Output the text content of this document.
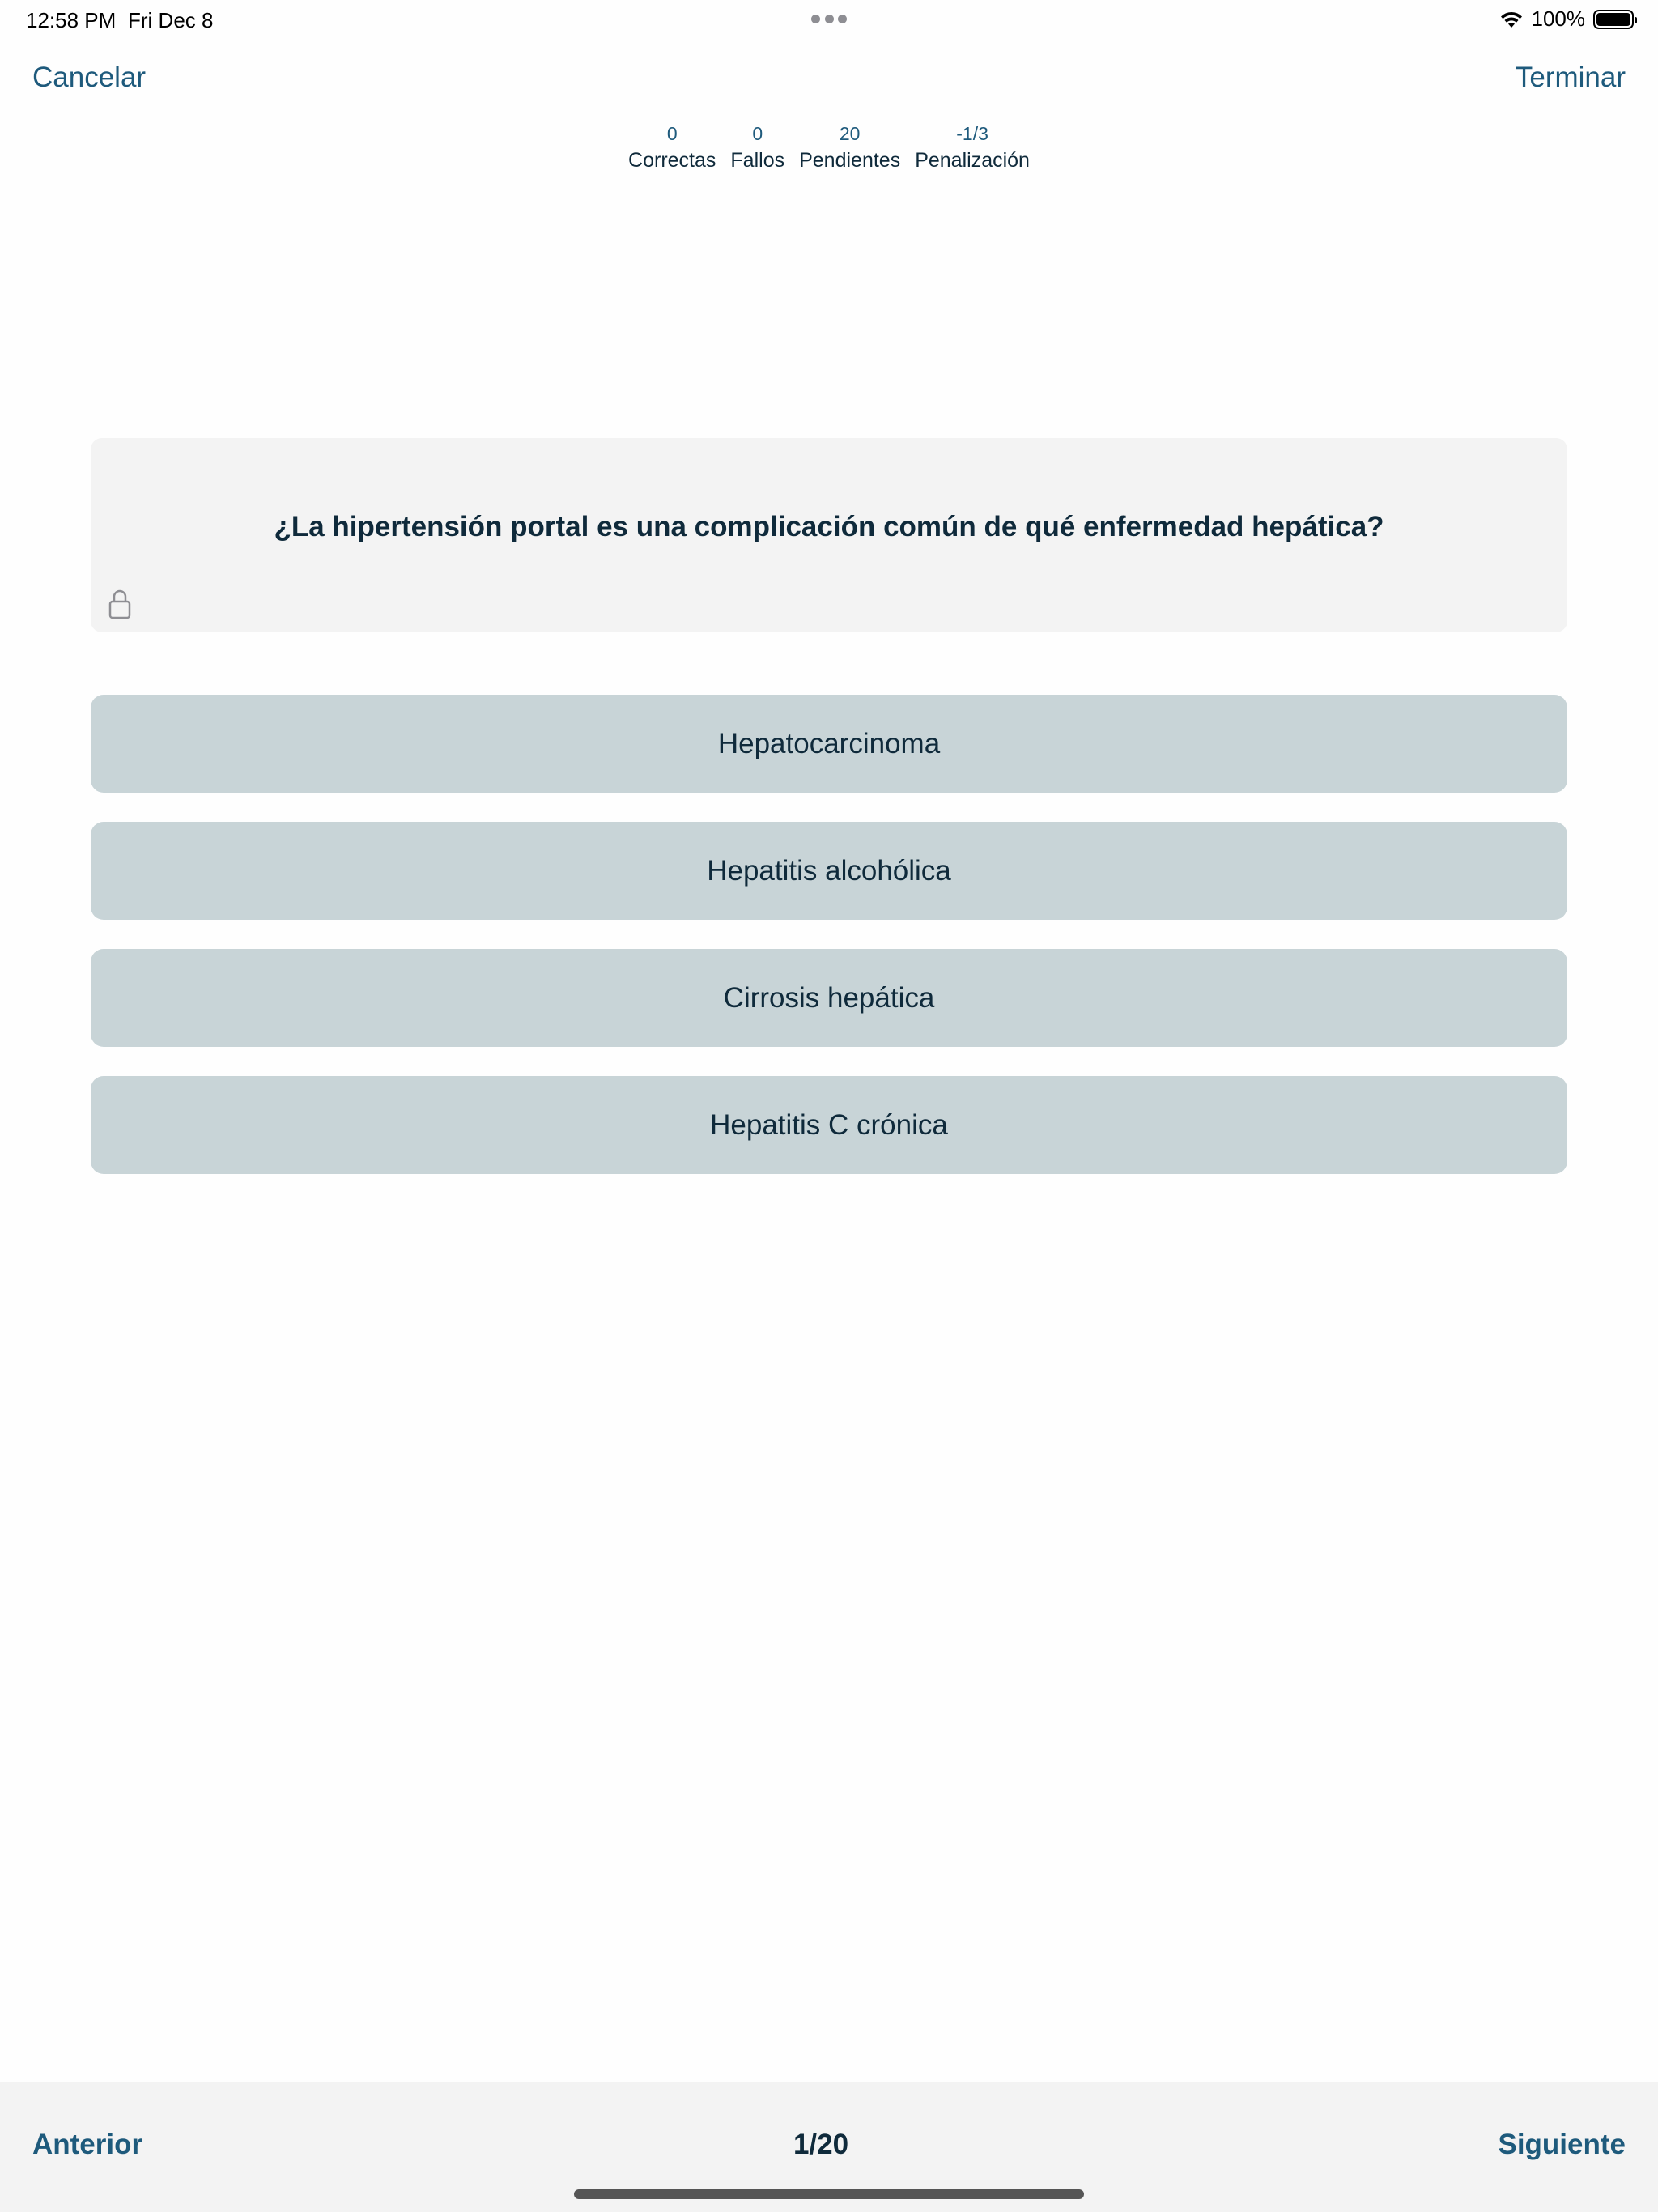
12:58 PM Fri Dec 8	100%
Cancelar	Terminar
0
Correctas
0
Fallos
20
Pendientes
-1/3
Penalización
¿La hipertensión portal es una complicación común de qué enfermedad hepática?
Hepatocarcinoma
Hepatitis alcohólica
Cirrosis hepática
Hepatitis C crónica
Anterior	1/20	Siguiente
